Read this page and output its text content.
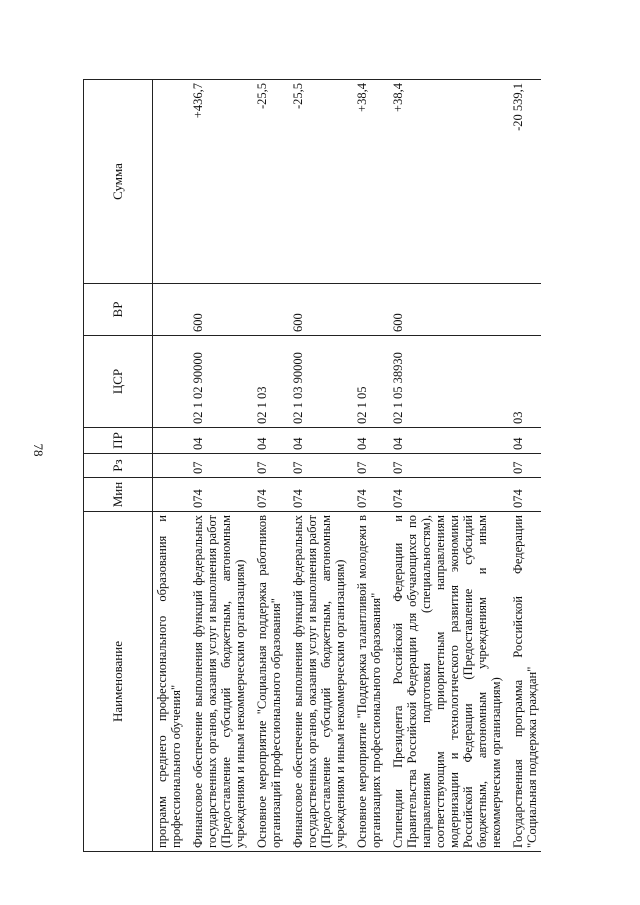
78
Наименование	Мин	Рз	ПР	ЦСР	ВР	Сумма
программ среднего профессионального образования и профессионального обучения"						
Финансовое обеспечение выполнения функций федеральных государственных органов, оказания услуг и выполнения работ (Предоставление субсидий бюджетным, автономным учреждениям и иным некоммерческим организациям)	074	07	04	02 1 02 90000	600	+436,7
Основное мероприятие "Социальная поддержка работников организаций профессионального образования"	074	07	04	02 1 03		-25,5
Финансовое обеспечение выполнения функций федеральных государственных органов, оказания услуг и выполнения работ (Предоставление субсидий бюджетным, автономным учреждениям и иным некоммерческим организациям)	074	07	04	02 1 03 90000	600	-25,5
Основное мероприятие "Поддержка талантливой молодежи в организациях профессионального образования"	074	07	04	02 1 05		+38,4
Стипендии Президента Российской Федерации и Правительства Российской Федерации для обучающихся по направлениям подготовки (специальностям), соответствующим приоритетным направлениям модернизации и технологического развития экономики Российской Федерации (Предоставление субсидий бюджетным, автономным учреждениям и иным некоммерческим организациям)	074	07	04	02 1 05 38930	600	+38,4
Государственная программа Российской Федерации "Социальная поддержка граждан"	074	07	04	03		-20 539,1
